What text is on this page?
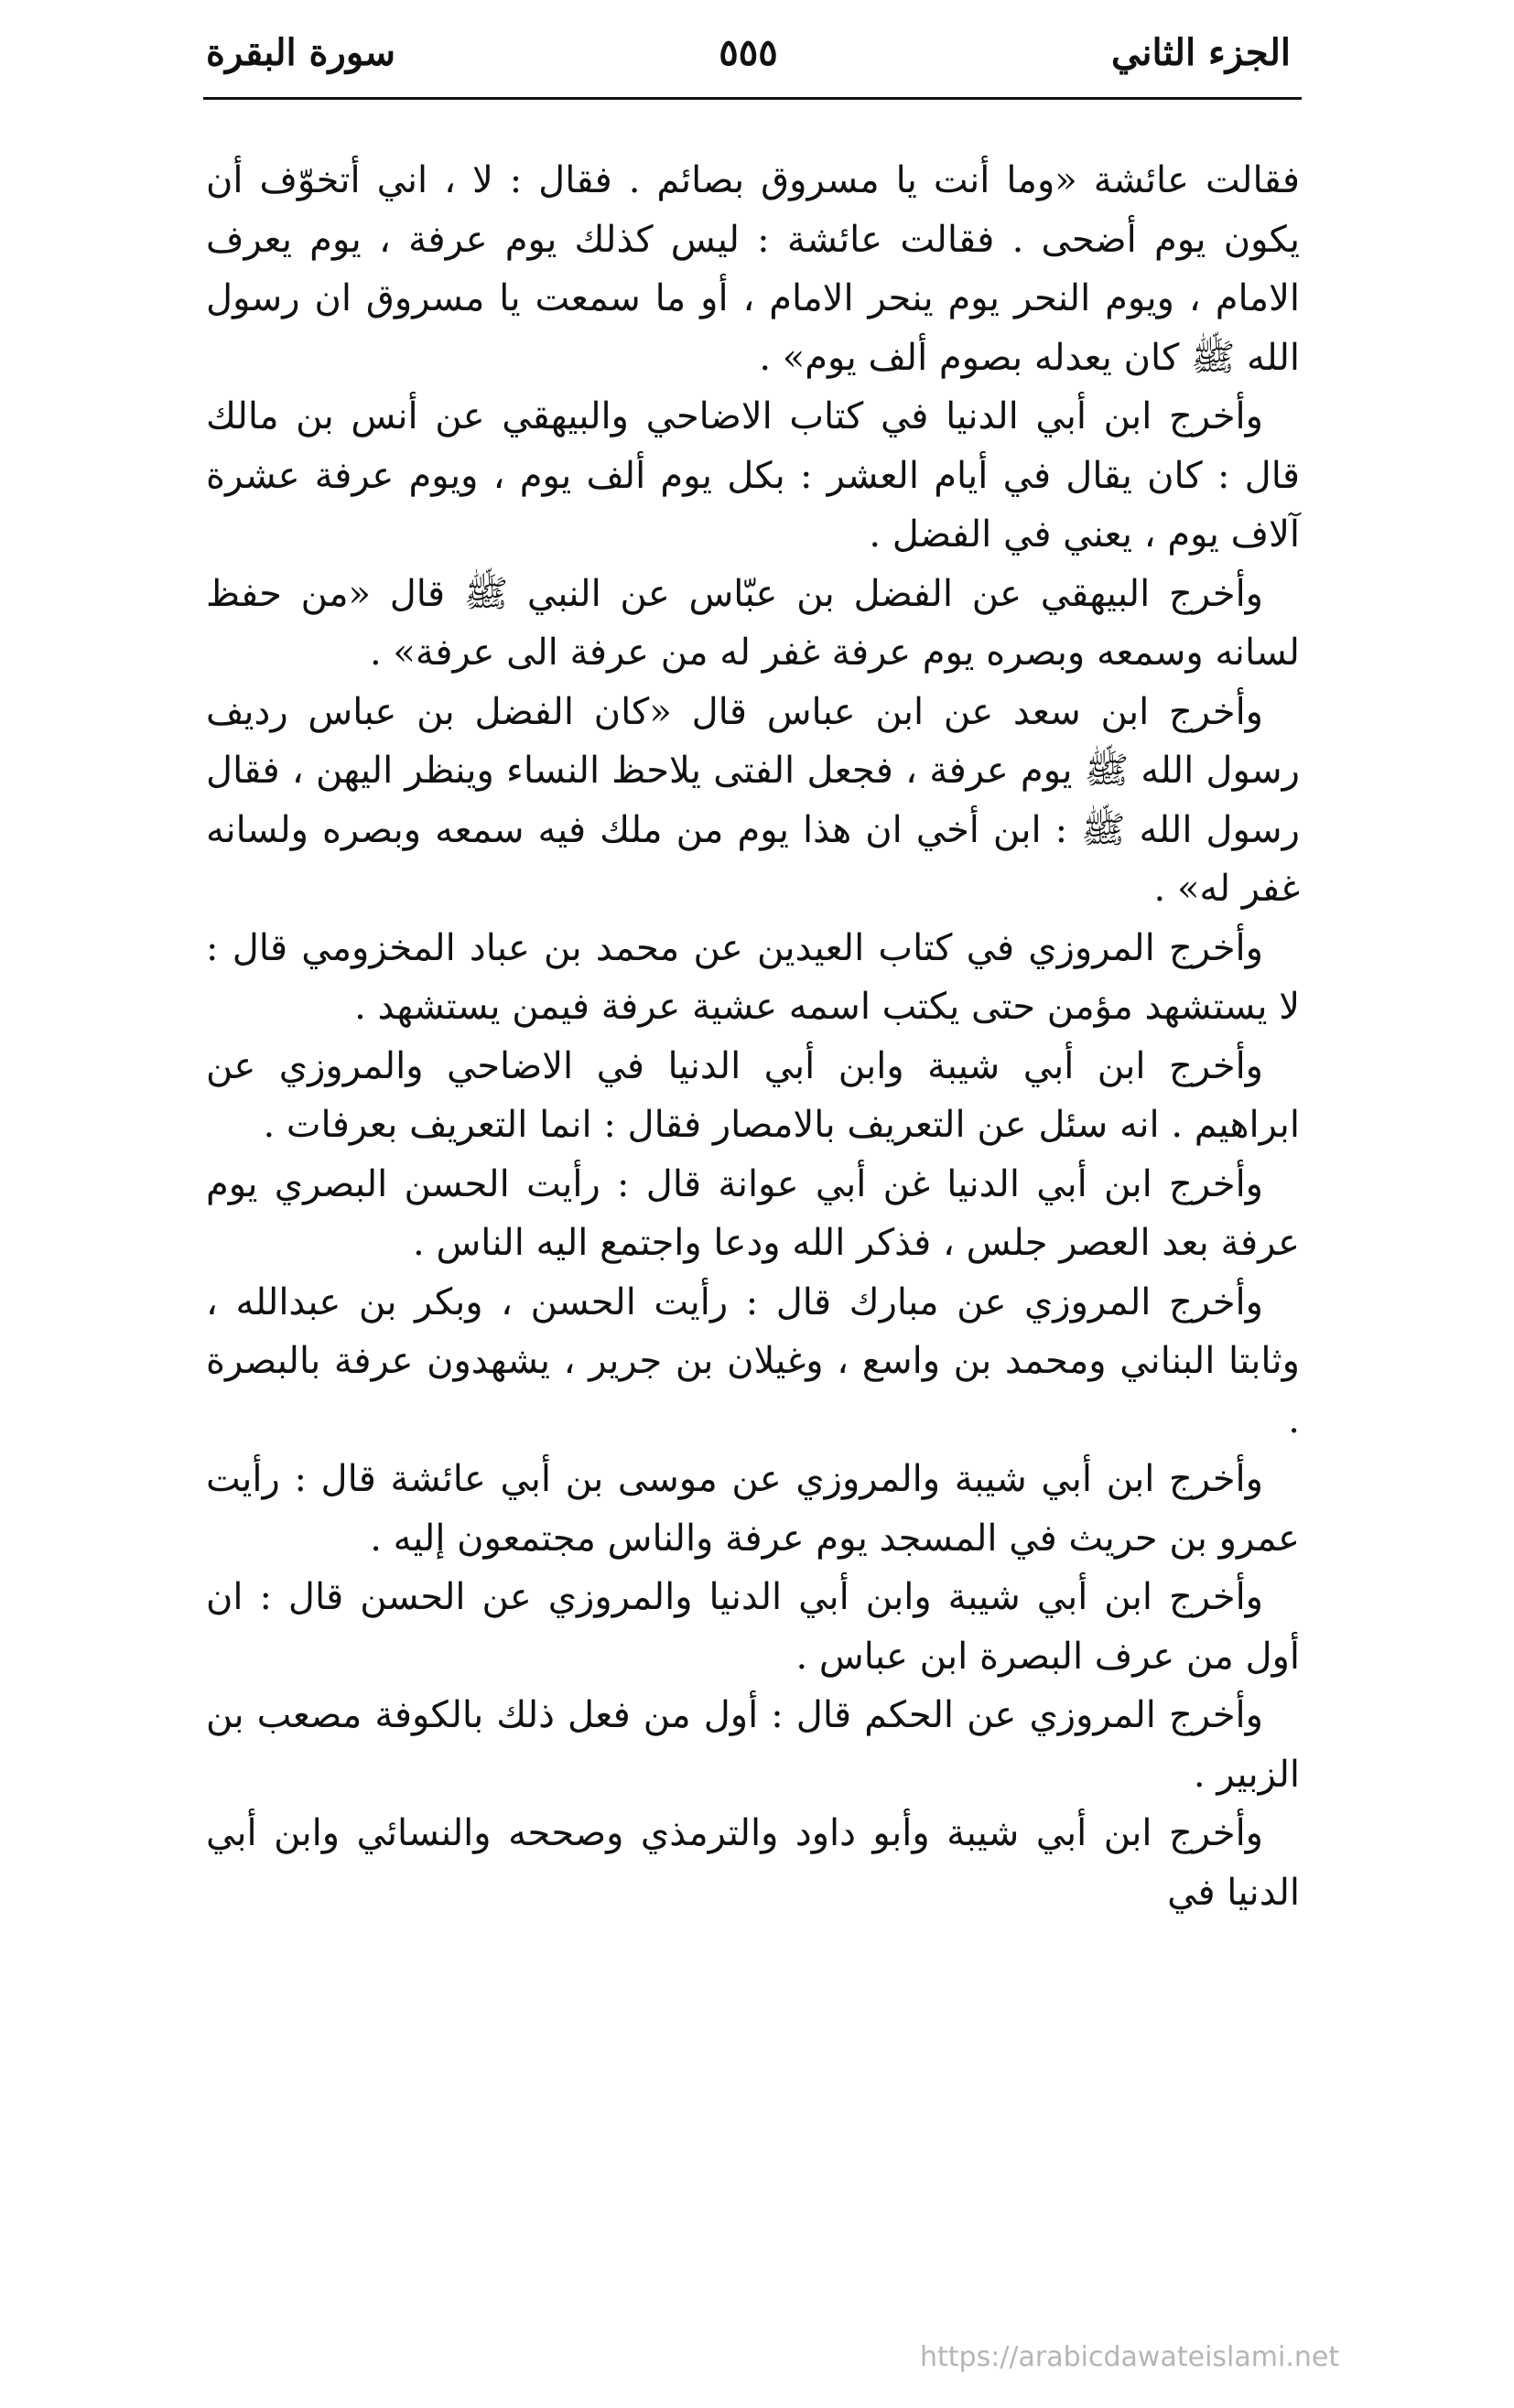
الجزء الثاني
٥٥٥
سورة البقرة

فقالت عائشة «وما أنت يا مسروق بصائم . فقال : لا ، اني أتخوّف أن يكون يوم أضحى . فقالت عائشة : ليس كذلك يوم عرفة ، يوم يعرف الامام ، ويوم النحر يوم ينحر الامام ، أو ما سمعت يا مسروق ان رسول الله ﷺ كان يعدله بصوم ألف يوم» .

وأخرج ابن أبي الدنيا في كتاب الاضاحي والبيهقي عن أنس بن مالك قال : كان يقال في أيام العشر : بكل يوم ألف يوم ، ويوم عرفة عشرة آلاف يوم ، يعني في الفضل .

وأخرج البيهقي عن الفضل بن عبّاس عن النبي ﷺ قال «من حفظ لسانه وسمعه وبصره يوم عرفة غفر له من عرفة الى عرفة» .

وأخرج ابن سعد عن ابن عباس قال «كان الفضل بن عباس رديف رسول الله ﷺ يوم عرفة ، فجعل الفتى يلاحظ النساء وينظر اليهن ، فقال رسول الله ﷺ : ابن أخي ان هذا يوم من ملك فيه سمعه وبصره ولسانه غفر له» .

وأخرج المروزي في كتاب العيدين عن محمد بن عباد المخزومي قال : لا يستشهد مؤمن حتى يكتب اسمه عشية عرفة فيمن يستشهد .

وأخرج ابن أبي شيبة وابن أبي الدنيا في الاضاحي والمروزي عن ابراهيم . انه سئل عن التعريف بالامصار فقال : انما التعريف بعرفات .

وأخرج ابن أبي الدنيا غن أبي عوانة قال : رأيت الحسن البصري يوم عرفة بعد العصر جلس ، فذكر الله ودعا واجتمع اليه الناس .

وأخرج المروزي عن مبارك قال : رأيت الحسن ، وبكر بن عبدالله ، وثابتا البناني ومحمد بن واسع ، وغيلان بن جرير ، يشهدون عرفة بالبصرة .

وأخرج ابن أبي شيبة والمروزي عن موسى بن أبي عائشة قال : رأيت عمرو بن حريث في المسجد يوم عرفة والناس مجتمعون إليه .

وأخرج ابن أبي شيبة وابن أبي الدنيا والمروزي عن الحسن قال : ان أول من عرف البصرة ابن عباس .

وأخرج المروزي عن الحكم قال : أول من فعل ذلك بالكوفة مصعب بن الزبير .

وأخرج ابن أبي شيبة وأبو داود والترمذي وصححه والنسائي وابن أبي الدنيا في

https://arabicdawateislami.net
